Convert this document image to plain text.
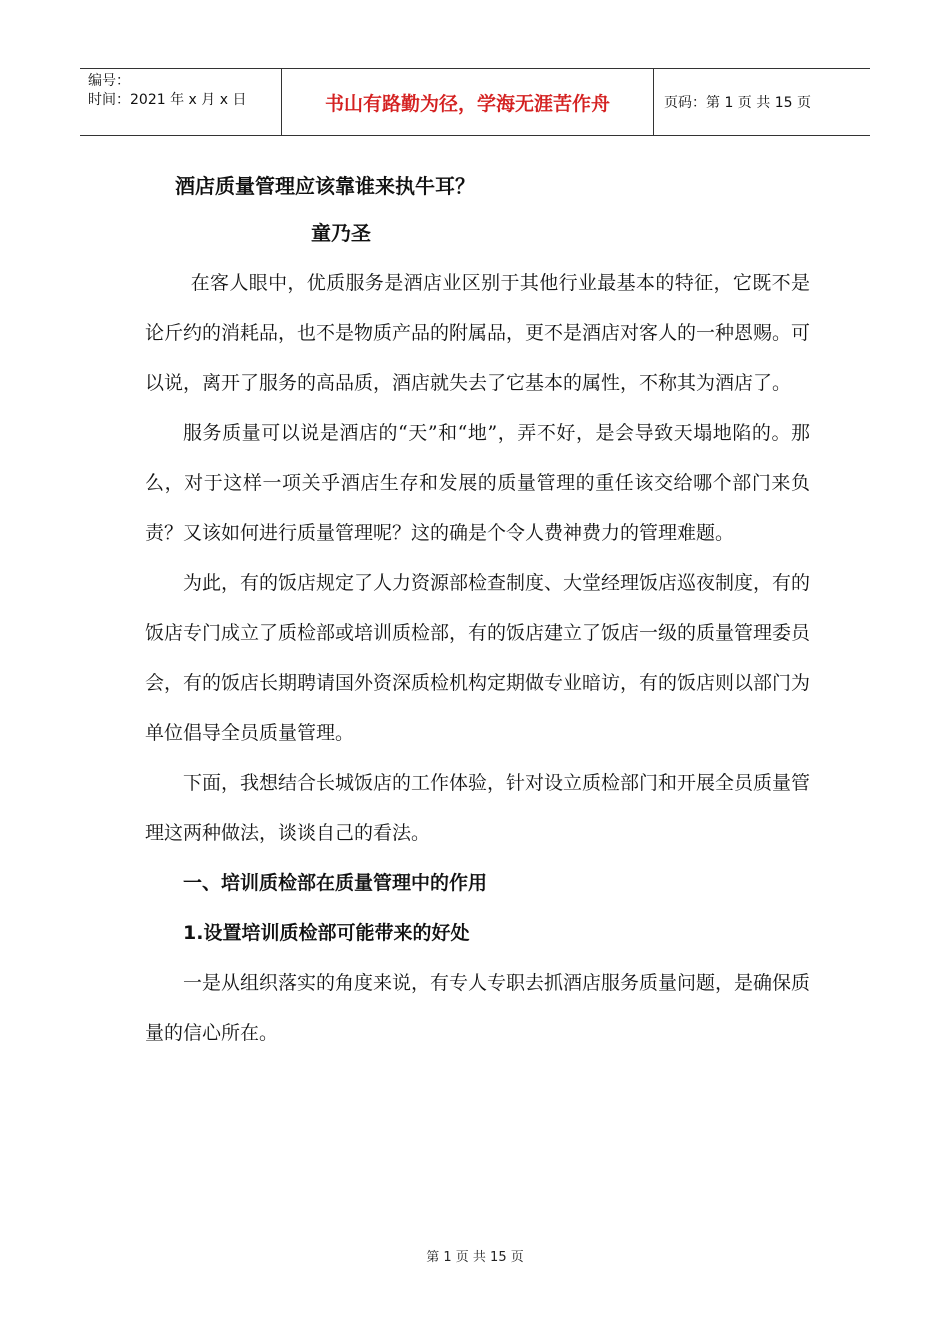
编号：
时间：2021 年 x 月 x 日	书山有路勤为径，学海无涯苦作舟	页码：第 1 页 共 15 页
酒店质量管理应该靠谁来执牛耳？
童乃圣

在客人眼中，优质服务是酒店业区别于其他行业最基本的特征，它既不是论斤约的消耗品，也不是物质产品的附属品，更不是酒店对客人的一种恩赐。可以说，离开了服务的高品质，酒店就失去了它基本的属性，不称其为酒店了。

服务质量可以说是酒店的“天”和“地”，弄不好，是会导致天塌地陷的。那么，对于这样一项关乎酒店生存和发展的质量管理的重任该交给哪个部门来负责？又该如何进行质量管理呢？这的确是个令人费神费力的管理难题。

为此，有的饭店规定了人力资源部检查制度、大堂经理饭店巡夜制度，有的饭店专门成立了质检部或培训质检部，有的饭店建立了饭店一级的质量管理委员会，有的饭店长期聘请国外资深质检机构定期做专业暗访，有的饭店则以部门为单位倡导全员质量管理。

下面，我想结合长城饭店的工作体验，针对设立质检部门和开展全员质量管理这两种做法，谈谈自己的看法。

一、培训质检部在质量管理中的作用
1.设置培训质检部可能带来的好处

一是从组织落实的角度来说，有专人专职去抓酒店服务质量问题，是确保质量的信心所在。

第 1 页 共 15 页
